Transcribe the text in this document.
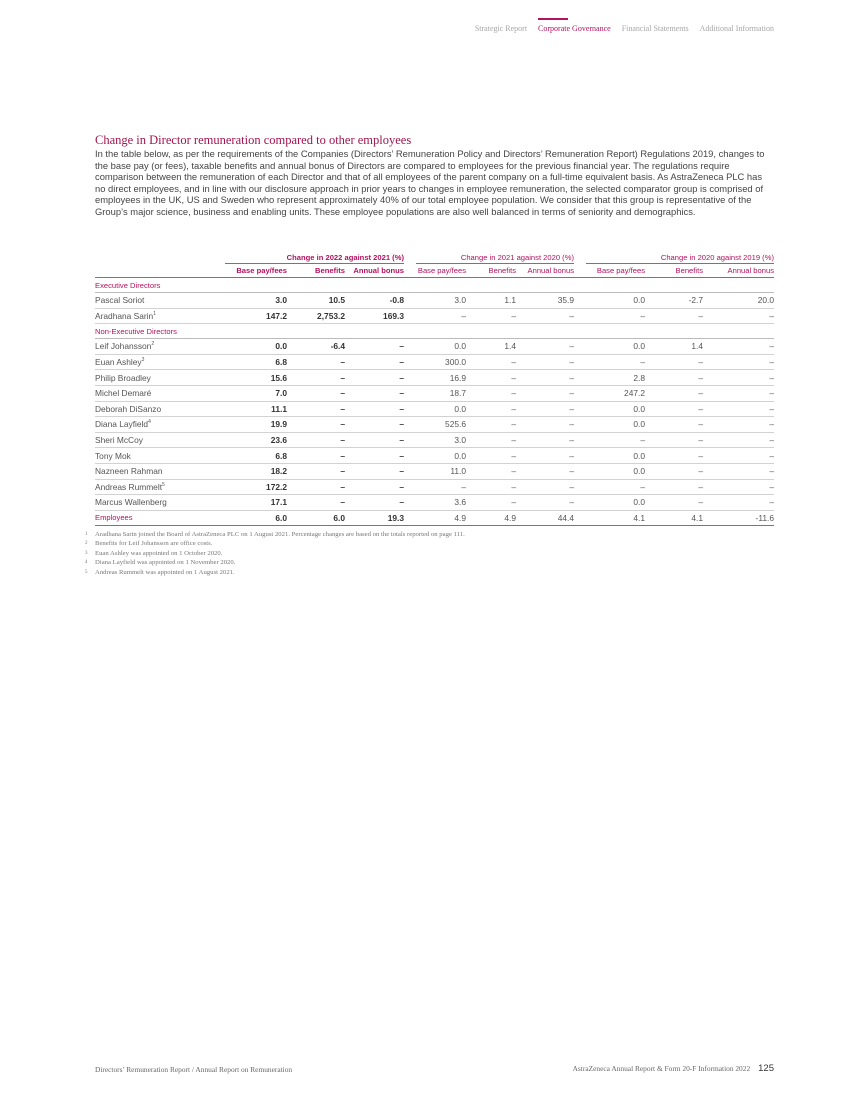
Strategic Report Corporate Governance Financial Statements Additional Information
Change in Director remuneration compared to other employees

In the table below, as per the requirements of the Companies (Directors’ Remuneration Policy and Directors’ Remuneration Report) Regulations 2019, changes to the base pay (or fees), taxable benefits and annual bonus of Directors are compared to employees for the previous financial year. The regulations require comparison between the remuneration of each Director and that of all employees of the parent company on a full-time equivalent basis. As AstraZeneca PLC has no direct employees, and in line with our disclosure approach in prior years to changes in employee remuneration, the selected comparator group is comprised of employees in the UK, US and Sweden who represent approximately 40% of our total employee population. We consider that this group is representative of the Group’s major science, business and enabling units. These employee populations are also well balanced in terms of seniority and demographics.

	Change in 2022 against 2021 (%)			Change in 2021 against 2020 (%)			Change in 2020 against 2019 (%)		

	Base pay/fees	Benefits	Annual bonus	Base pay/fees	Benefits	Annual bonus	Base pay/fees	Benefits	Annual bonus
Executive Directors									
Pascal Soriot	3.0	10.5	-0.8	3.0	1.1	35.9	0.0	-2.7	20.0
Aradhana Sarin$^1$	147.2	2,753.2	169.3	–	–	–	–	–	–
Non-Executive Directors									
Leif Johansson$^2$	0.0	-6.4	–	0.0	1.4	–	0.0	1.4	–
Euan Ashley$^3$	6.8	–	–	300.0	–	–	–	–	–
Philip Broadley	15.6	–	–	16.9	–	–	2.8	–	–
Michel Demaré	7.0	–	–	18.7	–	–	247.2	–	–
Deborah DiSanzo	11.1	–	–	0.0	–	–	0.0	–	–
Diana Layfield$^4$	19.9	–	–	525.6	–	–	0.0	–	–
Sheri McCoy	23.6	–	–	3.0	–	–	–	–	–
Tony Mok	6.8	–	–	0.0	–	–	0.0	–	–
Nazneen Rahman	18.2	–	–	11.0	–	–	0.0	–	–
Andreas Rummelt$^5$	172.2	–	–	–	–	–	–	–	–
Marcus Wallenberg	17.1	–	–	3.6	–	–	0.0	–	–
Employees	6.0	6.0	19.3	4.9	4.9	44.4	4.1	4.1	-11.6
1	Aradhana Sarin joined the Board of AstraZeneca PLC on 1 August 2021. Percentage changes are based on the totals reported on page 111.
2	Benefits for Leif Johansson are office costs.
3	Euan Ashley was appointed on 1 October 2020.
4	Diana Layfield was appointed on 1 November 2020.
5	Andreas Rummelt was appointed on 1 August 2021.
Directors’ Remuneration Report / Annual Report on Remuneration	AstraZeneca Annual Report & Form 20-F Information 2022 125
